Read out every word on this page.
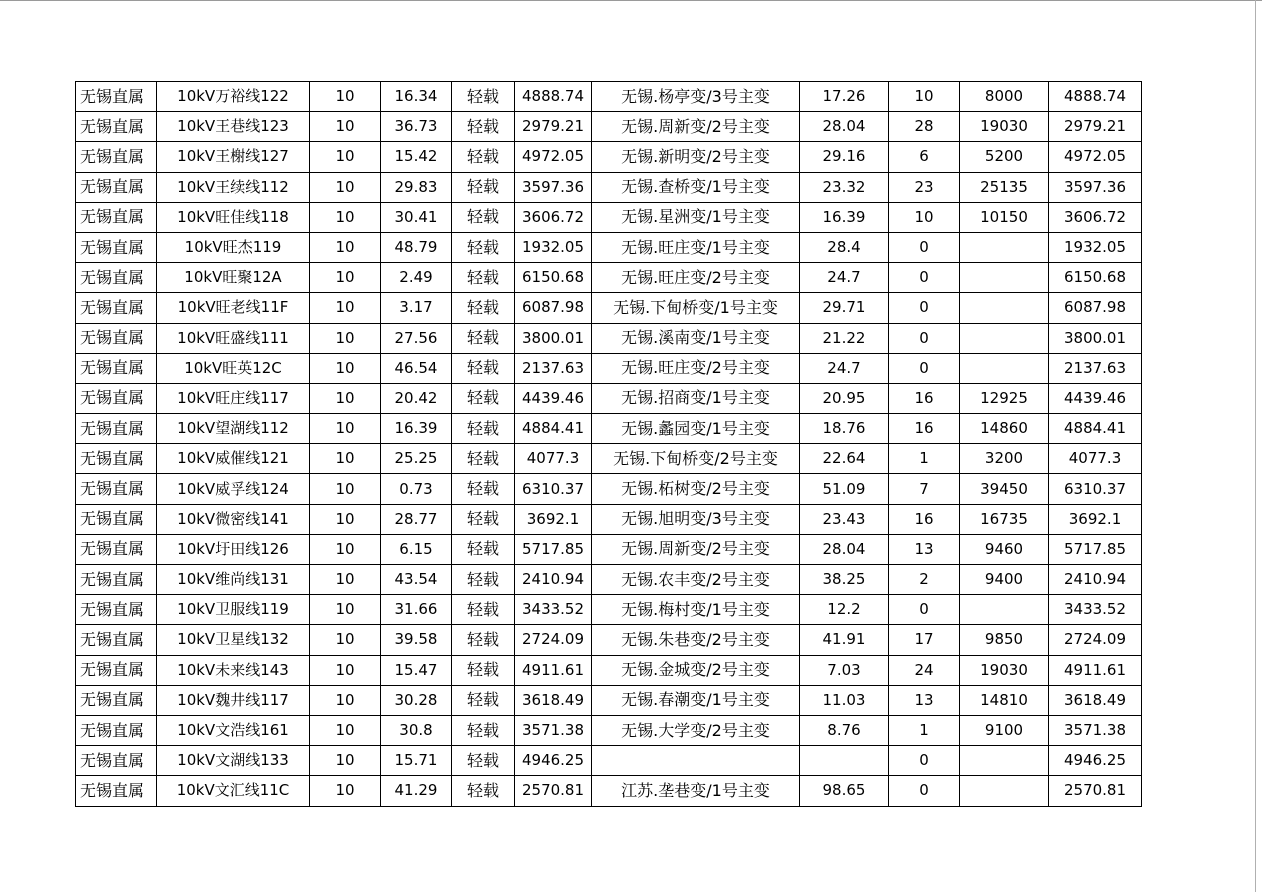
无锡直属	10kV万裕线122	10	16.34	轻载	4888.74	无锡.杨亭变/3号主变	17.26	10	8000	4888.74
无锡直属	10kV王巷线123	10	36.73	轻载	2979.21	无锡.周新变/2号主变	28.04	28	19030	2979.21
无锡直属	10kV王榭线127	10	15.42	轻载	4972.05	无锡.新明变/2号主变	29.16	6	5200	4972.05
无锡直属	10kV王续线112	10	29.83	轻载	3597.36	无锡.查桥变/1号主变	23.32	23	25135	3597.36
无锡直属	10kV旺佳线118	10	30.41	轻载	3606.72	无锡.星洲变/1号主变	16.39	10	10150	3606.72
无锡直属	10kV旺杰119	10	48.79	轻载	1932.05	无锡.旺庄变/1号主变	28.4	0		1932.05
无锡直属	10kV旺聚12A	10	2.49	轻载	6150.68	无锡.旺庄变/2号主变	24.7	0		6150.68
无锡直属	10kV旺老线11F	10	3.17	轻载	6087.98	无锡.下甸桥变/1号主变	29.71	0		6087.98
无锡直属	10kV旺盛线111	10	27.56	轻载	3800.01	无锡.溪南变/1号主变	21.22	0		3800.01
无锡直属	10kV旺英12C	10	46.54	轻载	2137.63	无锡.旺庄变/2号主变	24.7	0		2137.63
无锡直属	10kV旺庄线117	10	20.42	轻载	4439.46	无锡.招商变/1号主变	20.95	16	12925	4439.46
无锡直属	10kV望湖线112	10	16.39	轻载	4884.41	无锡.蠡园变/1号主变	18.76	16	14860	4884.41
无锡直属	10kV威催线121	10	25.25	轻载	4077.3	无锡.下甸桥变/2号主变	22.64	1	3200	4077.3
无锡直属	10kV威孚线124	10	0.73	轻载	6310.37	无锡.柘树变/2号主变	51.09	7	39450	6310.37
无锡直属	10kV微密线141	10	28.77	轻载	3692.1	无锡.旭明变/3号主变	23.43	16	16735	3692.1
无锡直属	10kV圩田线126	10	6.15	轻载	5717.85	无锡.周新变/2号主变	28.04	13	9460	5717.85
无锡直属	10kV维尚线131	10	43.54	轻载	2410.94	无锡.农丰变/2号主变	38.25	2	9400	2410.94
无锡直属	10kV卫服线119	10	31.66	轻载	3433.52	无锡.梅村变/1号主变	12.2	0		3433.52
无锡直属	10kV卫星线132	10	39.58	轻载	2724.09	无锡.朱巷变/2号主变	41.91	17	9850	2724.09
无锡直属	10kV未来线143	10	15.47	轻载	4911.61	无锡.金城变/2号主变	7.03	24	19030	4911.61
无锡直属	10kV魏井线117	10	30.28	轻载	3618.49	无锡.春潮变/1号主变	11.03	13	14810	3618.49
无锡直属	10kV文浩线161	10	30.8	轻载	3571.38	无锡.大学变/2号主变	8.76	1	9100	3571.38
无锡直属	10kV文湖线133	10	15.71	轻载	4946.25			0		4946.25
无锡直属	10kV文汇线11C	10	41.29	轻载	2570.81	江苏.垄巷变/1号主变	98.65	0		2570.81
